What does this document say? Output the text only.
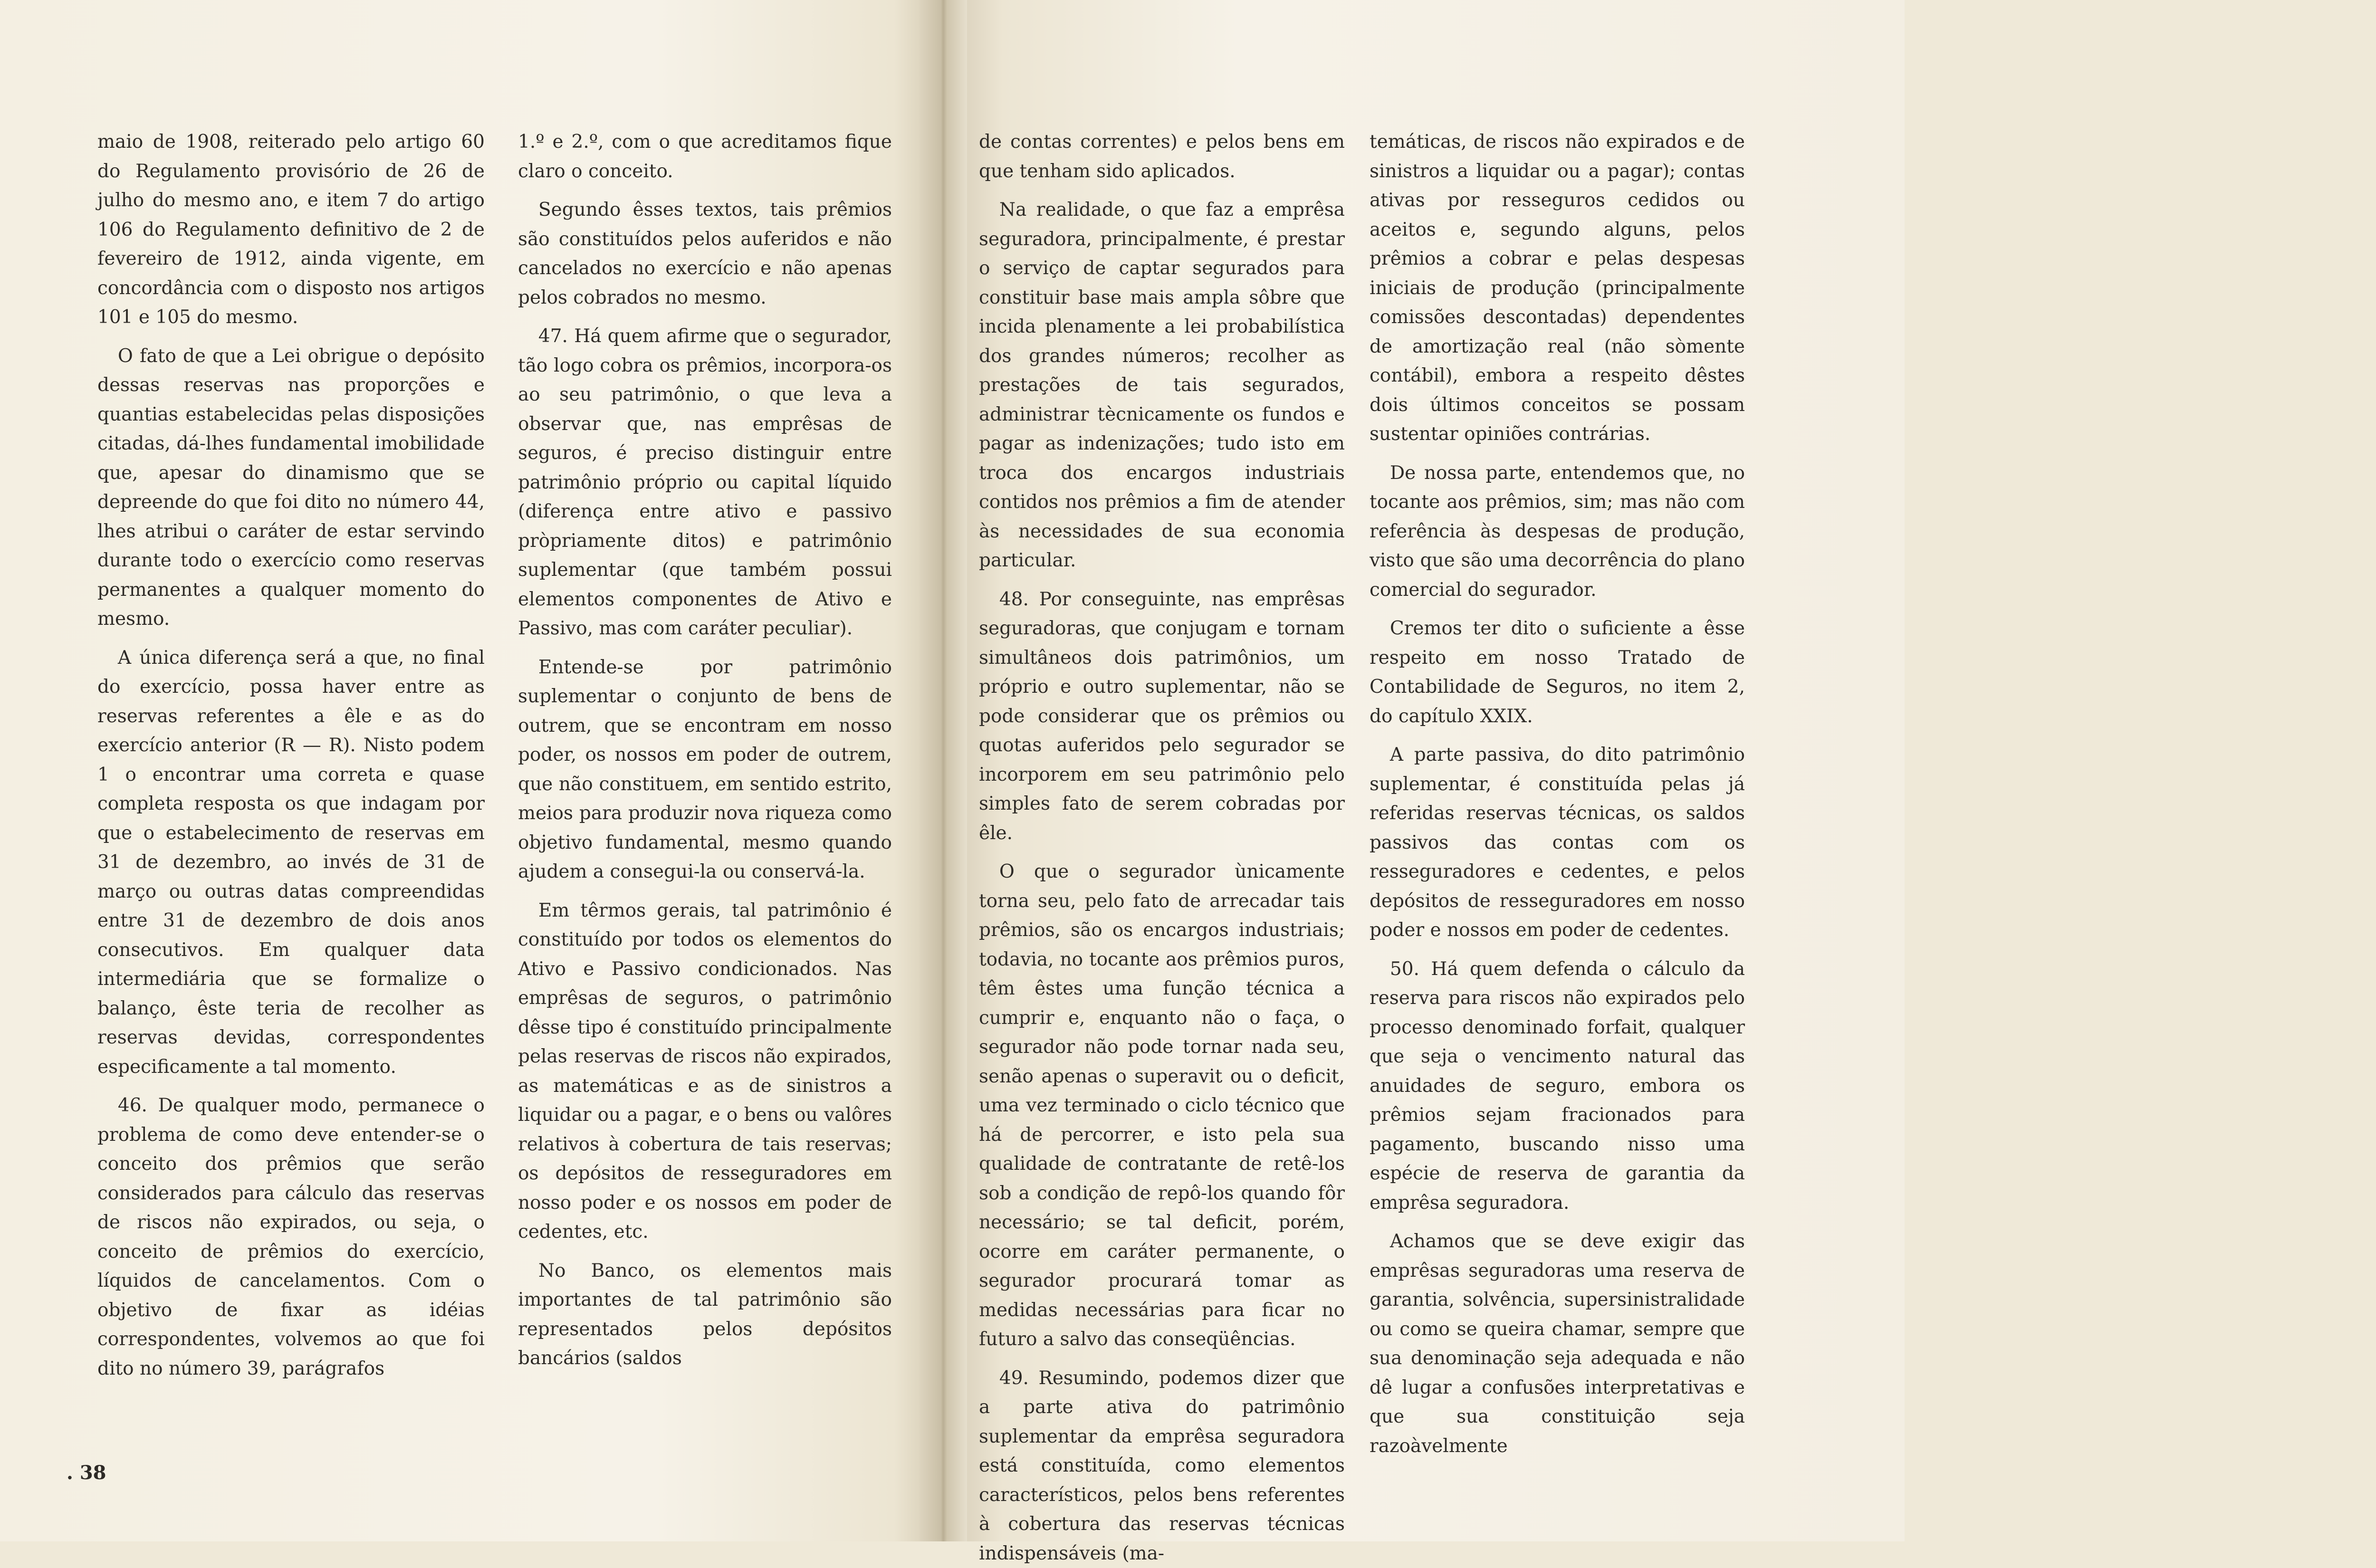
maio de 1908, reiterado pelo artigo 60 do Regulamento provisório de 26 de julho do mesmo ano, e item 7 do artigo 106 do Regulamento definitivo de 2 de fevereiro de 1912, ainda vigente, em concordância com o disposto nos artigos 101 e 105 do mesmo.

O fato de que a Lei obrigue o depósito dessas reservas nas proporções e quantias estabelecidas pelas disposições citadas, dá-lhes fundamental imobilidade que, apesar do dinamismo que se depreende do que foi dito no número 44, lhes atribui o caráter de estar servindo durante todo o exercício como reservas permanentes a qualquer momento do mesmo.

A única diferença será a que, no final do exercício, possa haver entre as reservas referentes a êle e as do exercício anterior (R — R). Nisto podem 1 o encontrar uma correta e quase completa resposta os que indagam por que o estabelecimento de reservas em 31 de dezembro, ao invés de 31 de março ou outras datas compreendidas entre 31 de dezembro de dois anos consecutivos. Em qualquer data intermediária que se formalize o balanço, êste teria de recolher as reservas devidas, correspondentes especificamente a tal momento.

46. De qualquer modo, permanece o problema de como deve entender-se o conceito dos prêmios que serão considerados para cálculo das reservas de riscos não expirados, ou seja, o conceito de prêmios do exercício, líquidos de cancelamentos. Com o objetivo de fixar as idéias correspondentes, volvemos ao que foi dito no número 39, parágrafos

1.º e 2.º, com o que acreditamos fique claro o conceito.

Segundo êsses textos, tais prêmios são constituídos pelos auferidos e não cancelados no exercício e não apenas pelos cobrados no mesmo.

47. Há quem afirme que o segurador, tão logo cobra os prêmios, incorpora-os ao seu patrimônio, o que leva a observar que, nas emprêsas de seguros, é preciso distinguir entre patrimônio próprio ou capital líquido (diferença entre ativo e passivo pròpriamente ditos) e patrimônio suplementar (que também possui elementos componentes de Ativo e Passivo, mas com caráter peculiar).

Entende-se por patrimônio suplementar o conjunto de bens de outrem, que se encontram em nosso poder, os nossos em poder de outrem, que não constituem, em sentido estrito, meios para produzir nova riqueza como objetivo fundamental, mesmo quando ajudem a consegui-la ou conservá-la.

Em têrmos gerais, tal patrimônio é constituído por todos os elementos do Ativo e Passivo condicionados. Nas emprêsas de seguros, o patrimônio dêsse tipo é constituído principalmente pelas reservas de riscos não expirados, as matemáticas e as de sinistros a liquidar ou a pagar, e o bens ou valôres relativos à cobertura de tais reservas; os depósitos de resseguradores em nosso poder e os nossos em poder de cedentes, etc.

No Banco, os elementos mais importantes de tal patrimônio são representados pelos depósitos bancários (saldos

. 38

de contas correntes) e pelos bens em que tenham sido aplicados.

Na realidade, o que faz a emprêsa seguradora, principalmente, é prestar o serviço de captar segurados para constituir base mais ampla sôbre que incida plenamente a lei probabilística dos grandes números; recolher as prestações de tais segurados, administrar tècnicamente os fundos e pagar as indenizações; tudo isto em troca dos encargos industriais contidos nos prêmios a fim de atender às necessidades de sua economia particular.

48. Por conseguinte, nas emprêsas seguradoras, que conjugam e tornam simultâneos dois patrimônios, um próprio e outro suplementar, não se pode considerar que os prêmios ou quotas auferidos pelo segurador se incorporem em seu patrimônio pelo simples fato de serem cobradas por êle.

O que o segurador ùnicamente torna seu, pelo fato de arrecadar tais prêmios, são os encargos industriais; todavia, no tocante aos prêmios puros, têm êstes uma função técnica a cumprir e, enquanto não o faça, o segurador não pode tornar nada seu, senão apenas o superavit ou o deficit, uma vez terminado o ciclo técnico que há de percorrer, e isto pela sua qualidade de contratante de retê-los sob a condição de repô-los quando fôr necessário; se tal deficit, porém, ocorre em caráter permanente, o segurador procurará tomar as medidas necessárias para ficar no futuro a salvo das conseqüências.

49. Resumindo, podemos dizer que a parte ativa do patrimônio suplementar da emprêsa seguradora está constituída, como elementos característicos, pelos bens referentes à cobertura das reservas técnicas indispensáveis (ma-

temáticas, de riscos não expirados e de sinistros a liquidar ou a pagar); contas ativas por resseguros cedidos ou aceitos e, segundo alguns, pelos prêmios a cobrar e pelas despesas iniciais de produção (principalmente comissões descontadas) dependentes de amortização real (não sòmente contábil), embora a respeito dêstes dois últimos conceitos se possam sustentar opiniões contrárias.

De nossa parte, entendemos que, no tocante aos prêmios, sim; mas não com referência às despesas de produção, visto que são uma decorrência do plano comercial do segurador.

Cremos ter dito o suficiente a êsse respeito em nosso Tratado de Contabilidade de Seguros, no item 2, do capítulo XXIX.

A parte passiva, do dito patrimônio suplementar, é constituída pelas já referidas reservas técnicas, os saldos passivos das contas com os resseguradores e cedentes, e pelos depósitos de resseguradores em nosso poder e nossos em poder de cedentes.

50. Há quem defenda o cálculo da reserva para riscos não expirados pelo processo denominado forfait, qualquer que seja o vencimento natural das anuidades de seguro, embora os prêmios sejam fracionados para pagamento, buscando nisso uma espécie de reserva de garantia da emprêsa seguradora.

Achamos que se deve exigir das emprêsas seguradoras uma reserva de garantia, solvência, supersinistralidade ou como se queira chamar, sempre que sua denominação seja adequada e não dê lugar a confusões interpretativas e que sua constituição seja razoàvelmente
